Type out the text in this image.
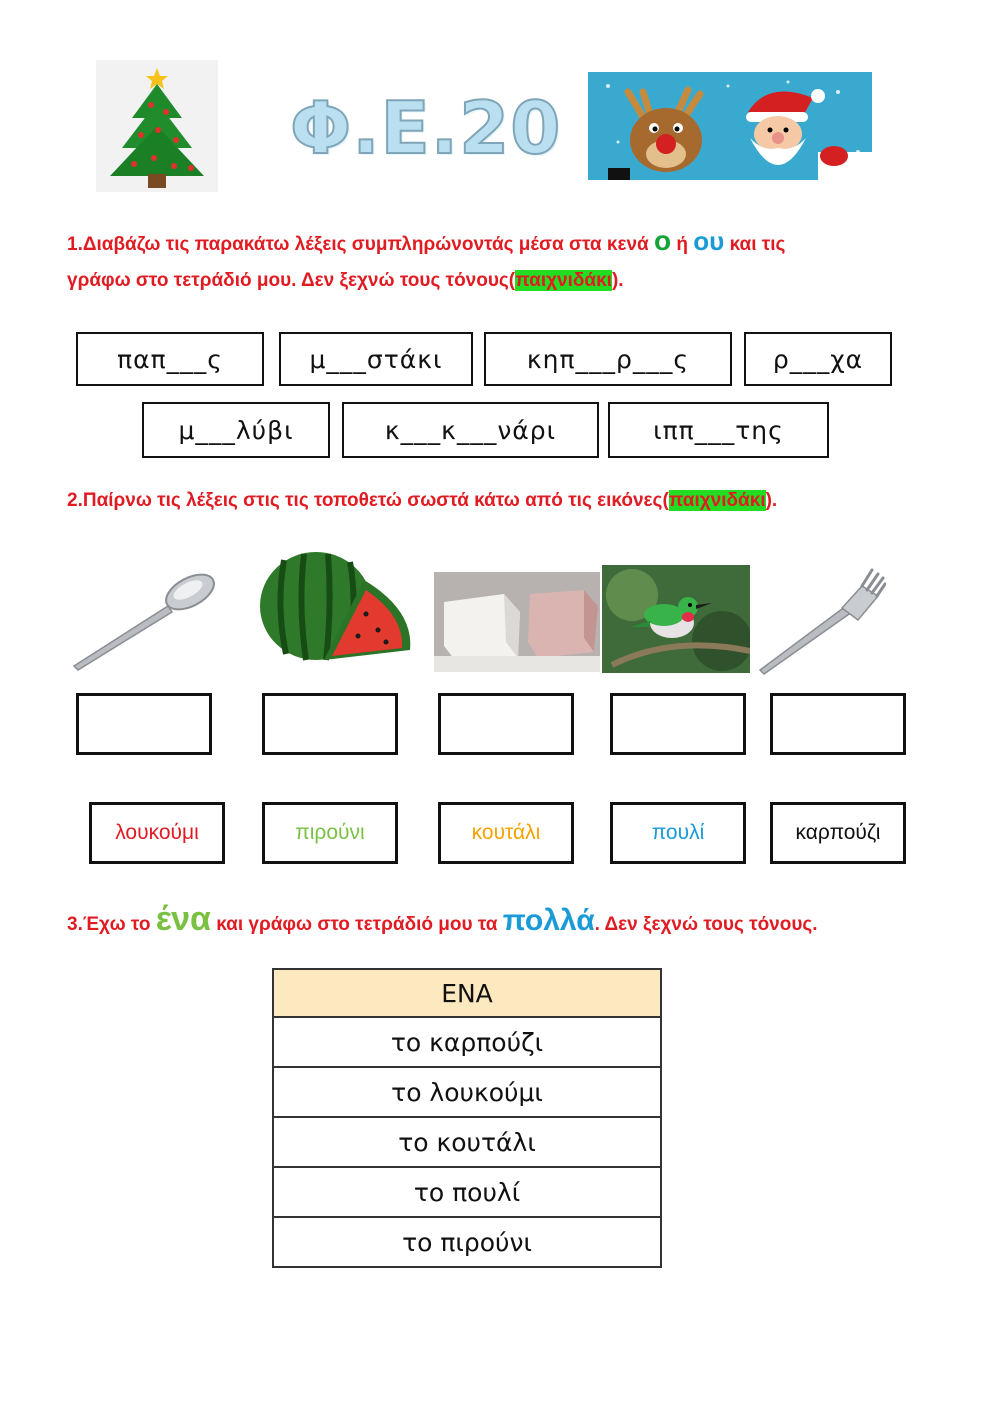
Φ.Ε.20
1.Διαβάζω τις παρακάτω λέξεις συμπληρώνοντάς μέσα στα κενά ο ή ου και τις
γράφω στο τετράδιό μου. Δεν ξεχνώ τους τόνους(παιχνιδάκι).
παπ___ς	μ___στάκι	κηπ___ρ___ς	ρ___χα
μ___λύβι	κ___κ___νάρι	ιππ___της
2.Παίρνω τις λέξεις στις τις τοποθετώ σωστά κάτω από τις εικόνες(παιχνιδάκι).
λουκούμι	πιρούνι	κουτάλι	πουλί	καρπούζι
3.Έχω το ένα και γράφω στο τετράδιό μου τα πολλά. Δεν ξεχνώ τους τόνους.
ΕΝΑ
το καρπούζι
το λουκούμι
το κουτάλι
το πουλί
το πιρούνι
